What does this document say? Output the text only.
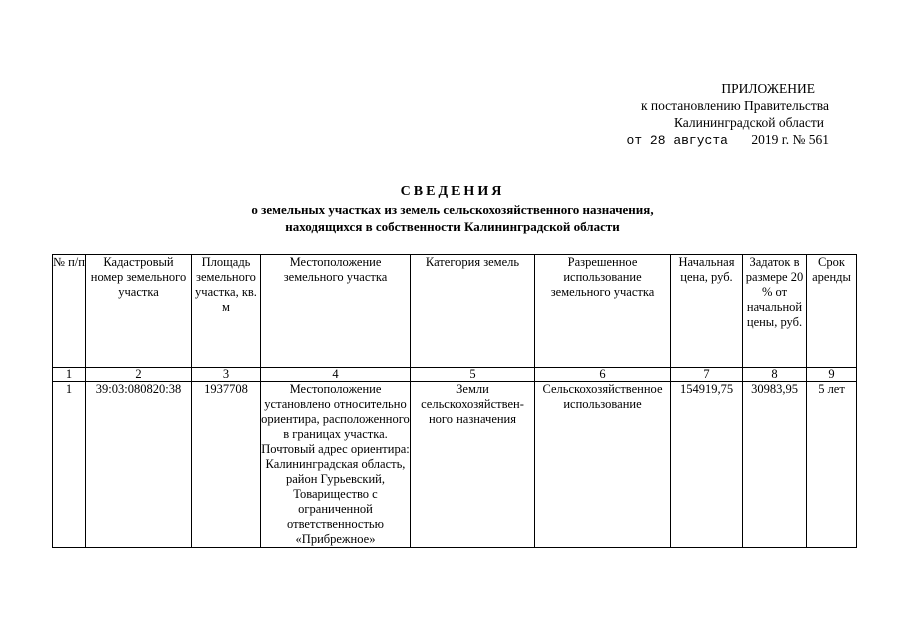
ПРИЛОЖЕНИЕ
к постановлению Правительства
Калининградской области
от 28 августа 2019 г. № 561
СВЕДЕНИЯ
о земельных участках из земель сельскохозяйственного назначения,
находящихся в собственности Калининградской области
№ п/п	Кадастровый номер земельного участка	Площадь земельного участка, кв. м	Местоположение земельного участка	Категория земель	Разрешенное использование земельного участка	Начальная цена, руб.	Задаток в размере 20 % от начальной цены, руб.	Срок аренды
1	2	3	4	5	6	7	8	9
1	39:03:080820:38	1937708	Местоположение установлено относительно ориентира, расположенного в границах участка. Почтовый адрес ориентира: Калининградская область, район Гурьевский, Товарищество с ограниченной ответственностью «Прибрежное»	Земли сельскохозяйствен-ного назначения	Сельскохозяйственное использование	154919,75	30983,95	5 лет
